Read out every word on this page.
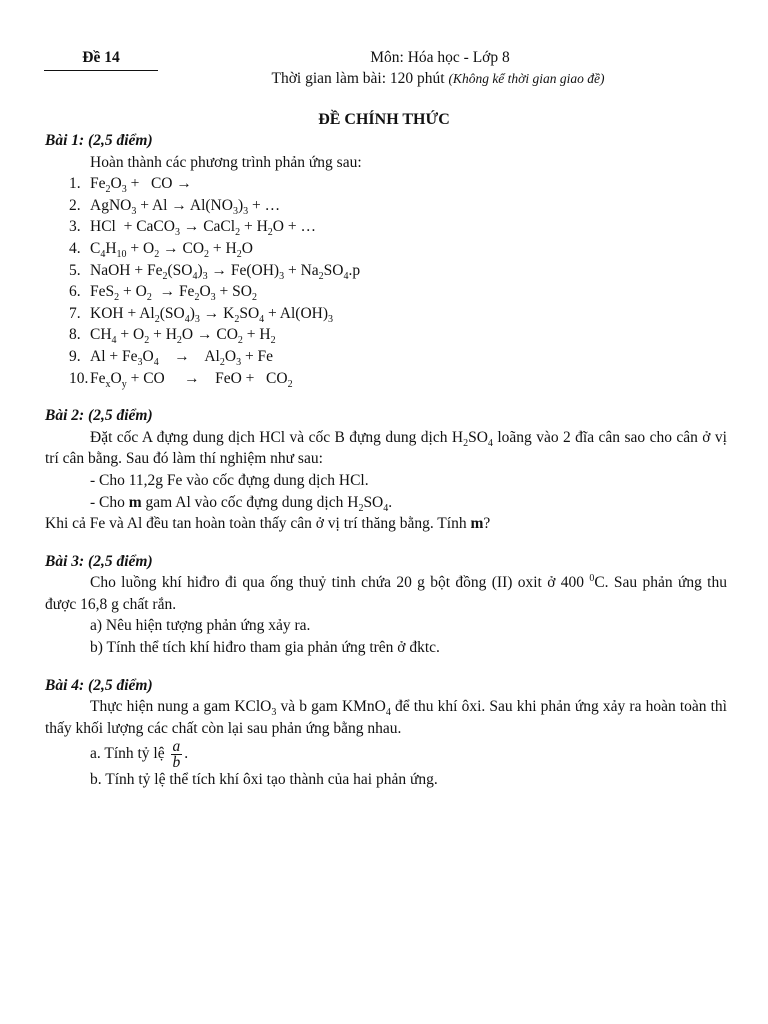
Đề 14	Môn: Hóa học - Lớp 8
Thời gian làm bài: 120 phút (Không kể thời gian giao đề)
ĐỀ CHÍNH THỨC
Bài 1: (2,5 điểm)
Hoàn thành các phương trình phản ứng sau:
1. $Fe_2O_3$ +   CO →
2. AgNO$_3$ + $Al \to Al(NO_3)_3$ + …
3. HCl  + CaCO$_3$ → CaCl$_2$ + $H_2O$ + …
4. $C_4H_{10} + O_2 \to CO_2 + H_2O$
5. NaOH + $Fe_2(SO_4)_3 \to Fe(OH)_3 + Na_2SO_4.p$
6. $FeS_2 + O_2 \to Fe_2O_3 + SO_2$
7. KOH + $Al_2(SO_4)_3 \to K_2SO_4 + Al(OH)_3$
8. $CH_4 + O_2 + H_2O \to CO_2 + H_2$
9. $Al + Fe_3O_4$    →    $Al_2O_3 + Fe$
10. $Fe_xO_y$ + CO     →    FeO +   $CO_2$
Bài 2: (2,5 điểm)
Đặt cốc A đựng dung dịch HCl và cốc B đựng dung dịch $H_2SO_4$ loãng vào 2 đĩa cân sao cho cân ở vị trí cân bằng. Sau đó làm thí nghiệm như sau:
- Cho 11,2g Fe vào cốc đựng dung dịch HCl.
- Cho m gam Al vào cốc đựng dung dịch $H_2SO_4$.
Khi cả Fe và Al đều tan hoàn toàn thấy cân ở vị trí thăng bằng. Tính m?
Bài 3: (2,5 điểm)
Cho luồng khí hiđro đi qua ống thuỷ tinh chứa 20 g bột đồng (II) oxit ở 400 $^0$C. Sau phản ứng thu được 16,8 g chất rắn.
a) Nêu hiện tượng phản ứng xảy ra.
b) Tính thể tích khí hiđro tham gia phản ứng trên ở đktc.
Bài 4: (2,5 điểm)
Thực hiện nung a gam KClO$_3$ và b gam KMnO$_4$ để thu khí ôxi. Sau khi phản ứng xảy ra hoàn toàn thì thấy khối lượng các chất còn lại sau phản ứng bằng nhau.
a. Tính tỷ lệ $\frac{a}{b}$ .
b. Tính tỷ lệ thể tích khí ôxi tạo thành của hai phản ứng.
